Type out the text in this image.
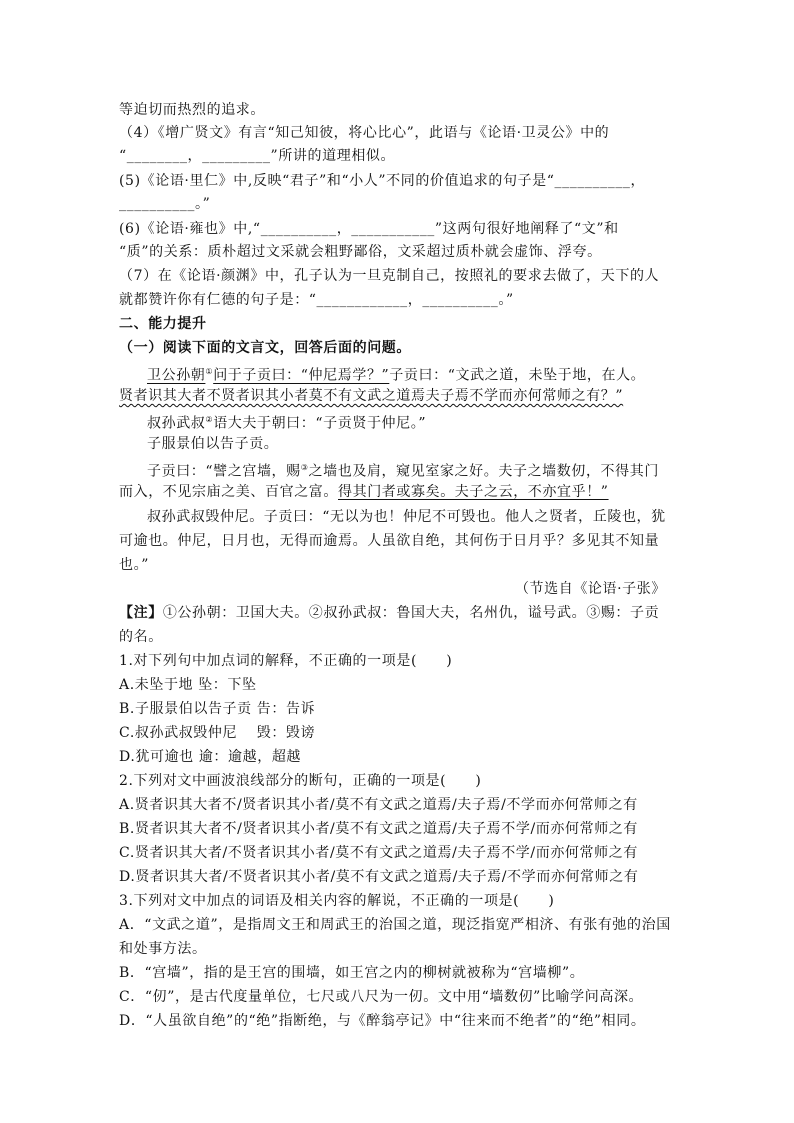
等迫切而热烈的追求。
（4）《增广贤文》有言“知己知彼，将心比心”，此语与《论语·卫灵公》中的
“________，_________”所讲的道理相似。
(5)《论语·里仁》中,反映“君子”和“小人”不同的价值追求的句子是“__________，
__________。”
(6)《论语·雍也》中,“__________，___________”这两句很好地阐释了“文”和
“质”的关系：质朴超过文采就会粗野鄙俗，文采超过质朴就会虚饰、浮夸。
（7）在《论语·颜渊》中，孔子认为一旦克制自己，按照礼的要求去做了，天下的人
就都赞许你有仁德的句子是：“____________，__________。”
二、能力提升
（一）阅读下面的文言文，回答后面的问题。
卫公孙朝①问于子贡曰：“仲尼焉学？”子贡曰：“文武之道，未坠于地，在人。
贤者识其大者不贤者识其小者莫不有文武之道焉夫子焉不学而亦何常师之有？”
叔孙武叔②语大夫于朝曰：“子贡贤于仲尼。”
子服景伯以告子贡。
子贡曰：“譬之宫墙，赐③之墙也及肩，窥见室家之好。夫子之墙数仞，不得其门
而入，不见宗庙之美、百官之富。得其门者或寡矣。夫子之云，不亦宜乎！”
叔孙武叔毁仲尼。子贡曰：“无以为也！仲尼不可毁也。他人之贤者，丘陵也，犹
可逾也。仲尼，日月也，无得而逾焉。人虽欲自绝，其何伤于日月乎？多见其不知量
也。”
（节选自《论语·子张》
【注】①公孙朝：卫国大夫。②叔孙武叔：鲁国大夫，名州仇，谥号武。③赐：子贡
的名。
1.对下列句中加点词的解释，不正确的一项是(　　)
A.未坠于地 坠：下坠
B.子服景伯以告子贡 告：告诉
C.叔孙武叔毁仲尼　 毁：毁谤
D.犹可逾也 逾：逾越，超越
2.下列对文中画波浪线部分的断句，正确的一项是(　　)
A.贤者识其大者不/贤者识其小者/莫不有文武之道焉/夫子焉/不学而亦何常师之有
B.贤者识其大者不/贤者识其小者/莫不有文武之道焉/夫子焉不学/而亦何常师之有
C.贤者识其大者/不贤者识其小者/莫不有文武之道焉/夫子焉不学/而亦何常师之有
D.贤者识其大者/不贤者识其小者/莫不有文武之道焉/夫子焉/不学而亦何常师之有
3.下列对文中加点的词语及相关内容的解说，不正确的一项是(　　)
A．“文武之道”，是指周文王和周武王的治国之道，现泛指宽严相济、有张有弛的治国
和处事方法。
B．“宫墙”，指的是王宫的围墙，如王宫之内的柳树就被称为“宫墙柳”。
C．“仞”，是古代度量单位，七尺或八尺为一仞。文中用“墙数仞”比喻学问高深。
D．“人虽欲自绝”的“绝”指断绝，与《醉翁亭记》中“往来而不绝者”的“绝”相同。
